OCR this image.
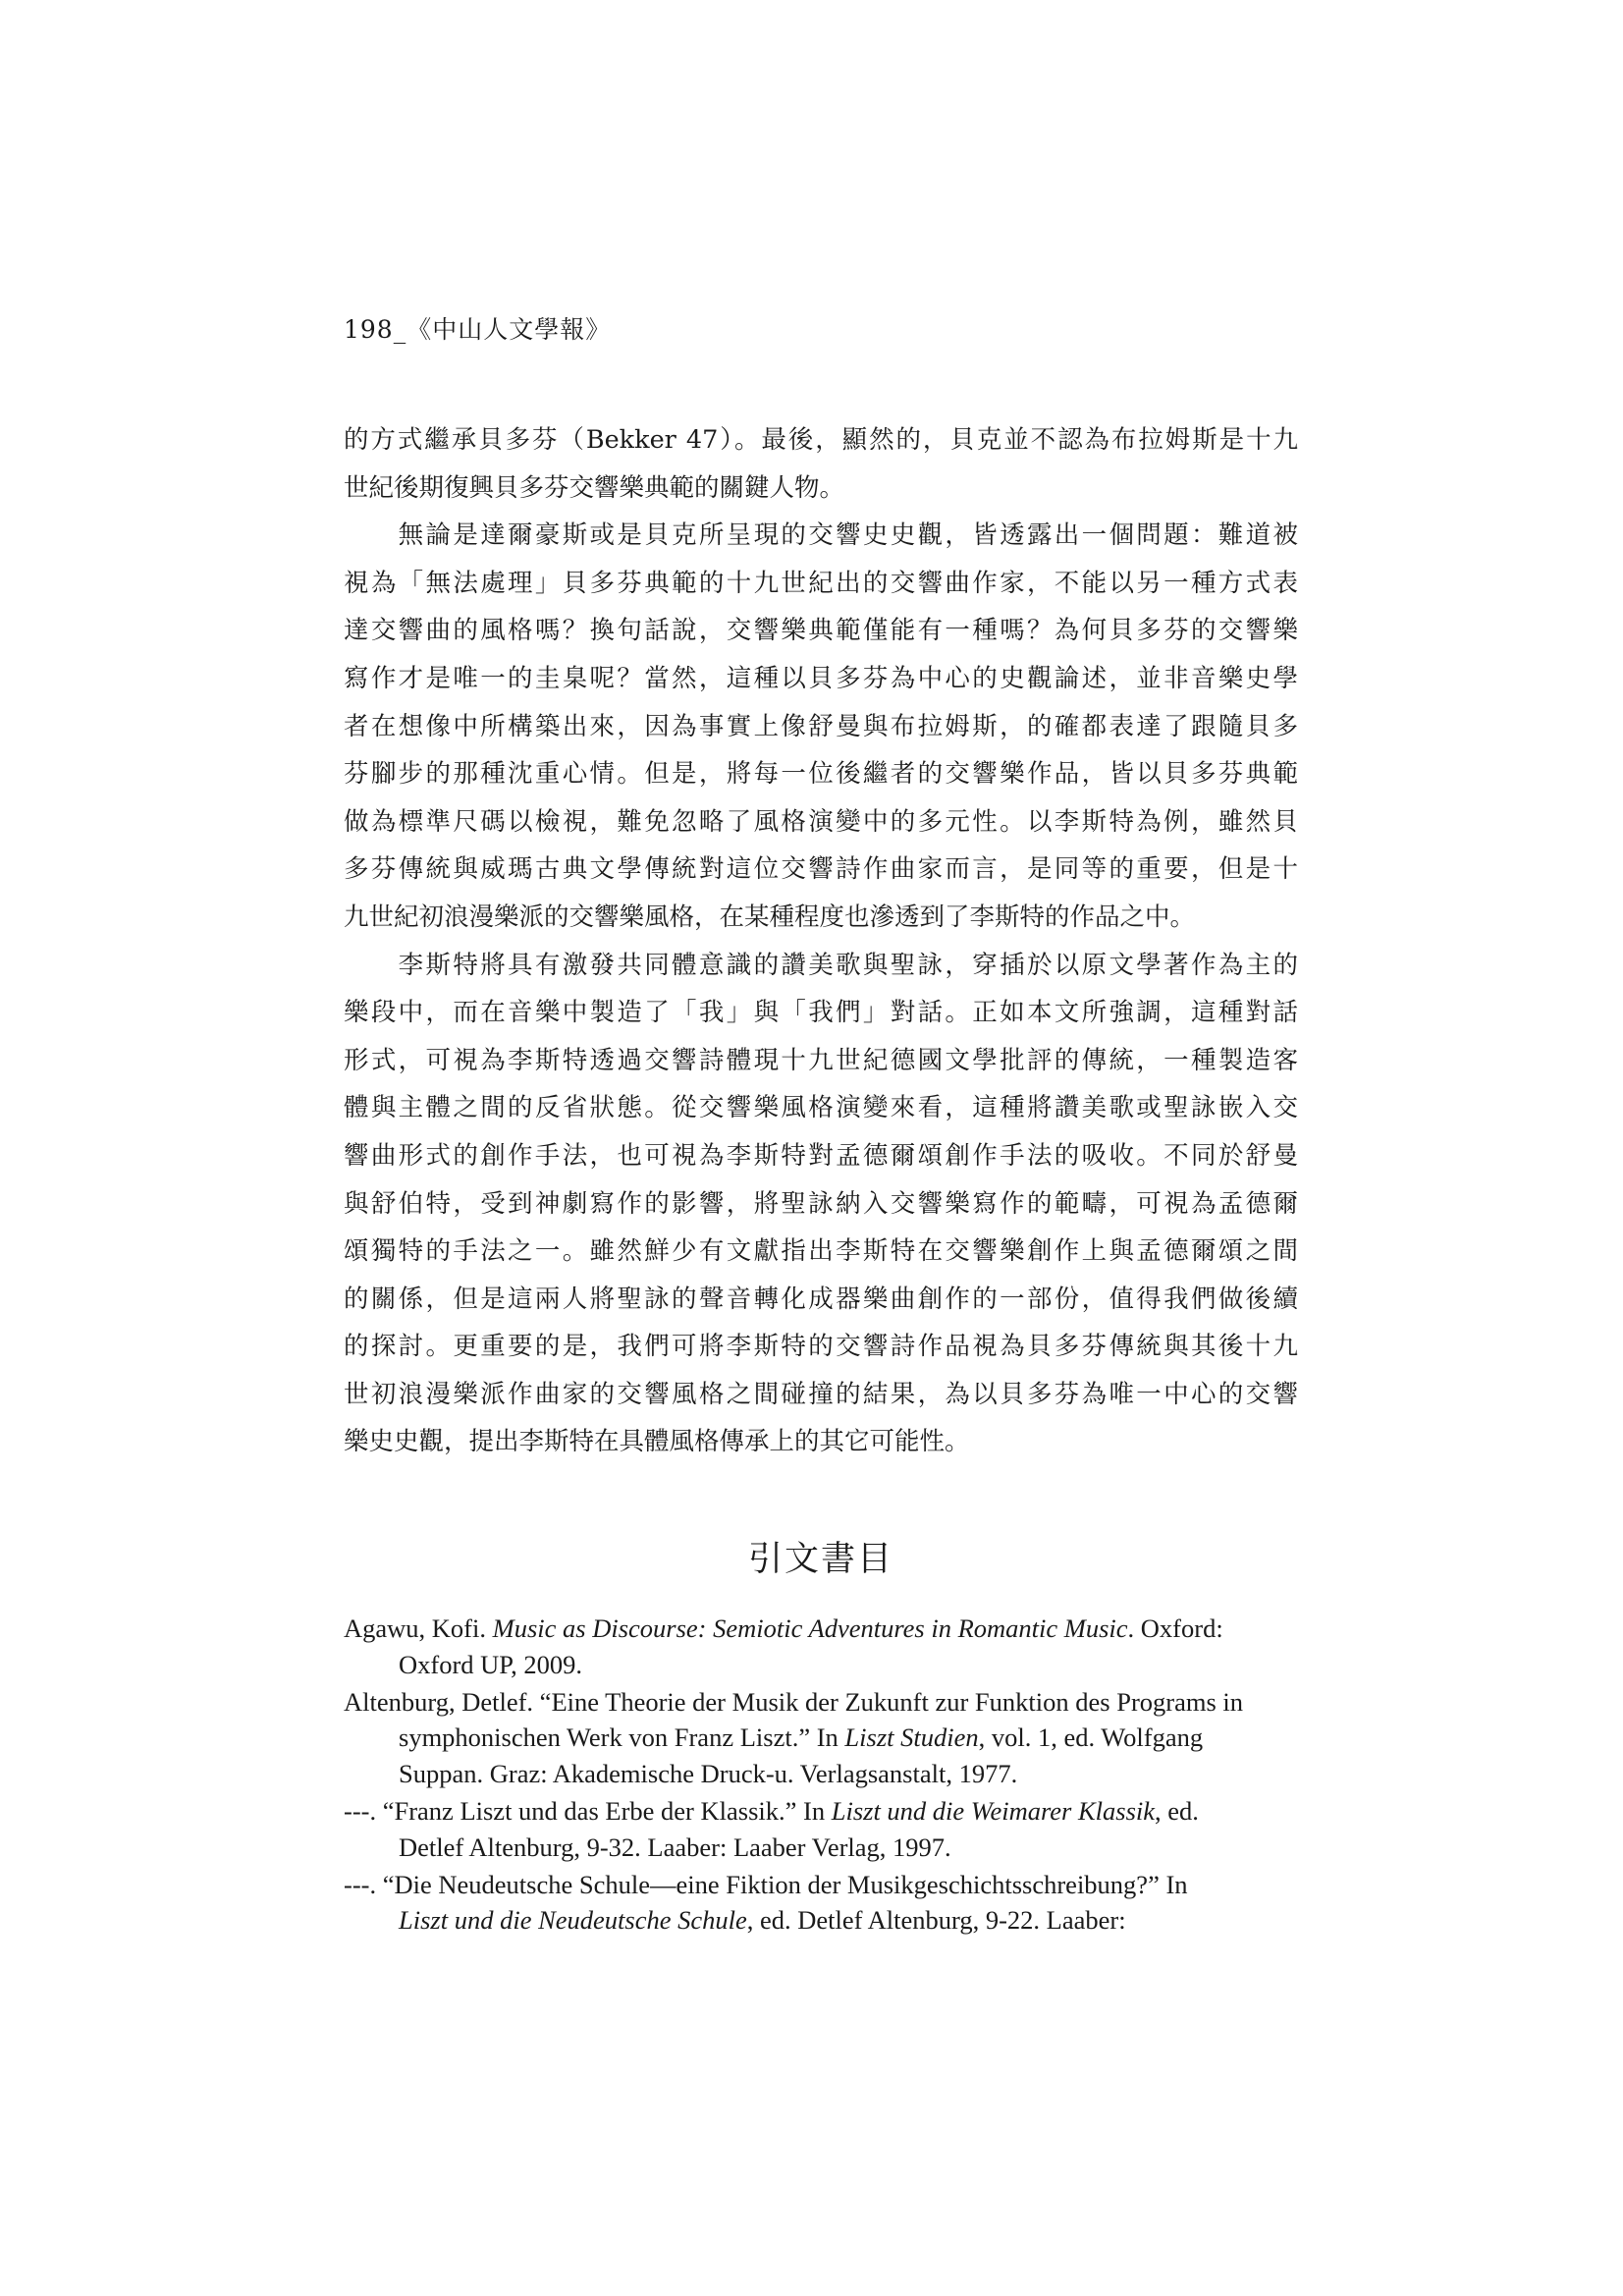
198_《中山人文學報》
的方式繼承貝多芬（Bekker 47）。最後，顯然的，貝克並不認為布拉姆斯是十九
世紀後期復興貝多芬交響樂典範的關鍵人物。
　　無論是達爾豪斯或是貝克所呈現的交響史史觀，皆透露出一個問題：難道被
視為「無法處理」貝多芬典範的十九世紀出的交響曲作家，不能以另一種方式表
達交響曲的風格嗎？換句話說，交響樂典範僅能有一種嗎？為何貝多芬的交響樂
寫作才是唯一的圭臬呢？當然，這種以貝多芬為中心的史觀論述，並非音樂史學
者在想像中所構築出來，因為事實上像舒曼與布拉姆斯，的確都表達了跟隨貝多
芬腳步的那種沈重心情。但是，將每一位後繼者的交響樂作品，皆以貝多芬典範
做為標準尺碼以檢視，難免忽略了風格演變中的多元性。以李斯特為例，雖然貝
多芬傳統與威瑪古典文學傳統對這位交響詩作曲家而言，是同等的重要，但是十
九世紀初浪漫樂派的交響樂風格，在某種程度也滲透到了李斯特的作品之中。
　　李斯特將具有激發共同體意識的讚美歌與聖詠，穿插於以原文學著作為主的
樂段中，而在音樂中製造了「我」與「我們」對話。正如本文所強調，這種對話
形式，可視為李斯特透過交響詩體現十九世紀德國文學批評的傳統，一種製造客
體與主體之間的反省狀態。從交響樂風格演變來看，這種將讚美歌或聖詠嵌入交
響曲形式的創作手法，也可視為李斯特對孟德爾頌創作手法的吸收。不同於舒曼
與舒伯特，受到神劇寫作的影響，將聖詠納入交響樂寫作的範疇，可視為孟德爾
頌獨特的手法之一。雖然鮮少有文獻指出李斯特在交響樂創作上與孟德爾頌之間
的關係，但是這兩人將聖詠的聲音轉化成器樂曲創作的一部份，值得我們做後續
的探討。更重要的是，我們可將李斯特的交響詩作品視為貝多芬傳統與其後十九
世初浪漫樂派作曲家的交響風格之間碰撞的結果，為以貝多芬為唯一中心的交響
樂史史觀，提出李斯特在具體風格傳承上的其它可能性。
引文書目
Agawu, Kofi. Music as Discourse: Semiotic Adventures in Romantic Music. Oxford:
Oxford UP, 2009.
Altenburg, Detlef. “Eine Theorie der Musik der Zukunft zur Funktion des Programs in
symphonischen Werk von Franz Liszt.” In Liszt Studien, vol. 1, ed. Wolfgang
Suppan. Graz: Akademische Druck-u. Verlagsanstalt, 1977.
---. “Franz Liszt und das Erbe der Klassik.” In Liszt und die Weimarer Klassik, ed.
Detlef Altenburg, 9-32. Laaber: Laaber Verlag, 1997.
---. “Die Neudeutsche Schule—eine Fiktion der Musikgeschichtsschreibung?” In
Liszt und die Neudeutsche Schule, ed. Detlef Altenburg, 9-22. Laaber:
